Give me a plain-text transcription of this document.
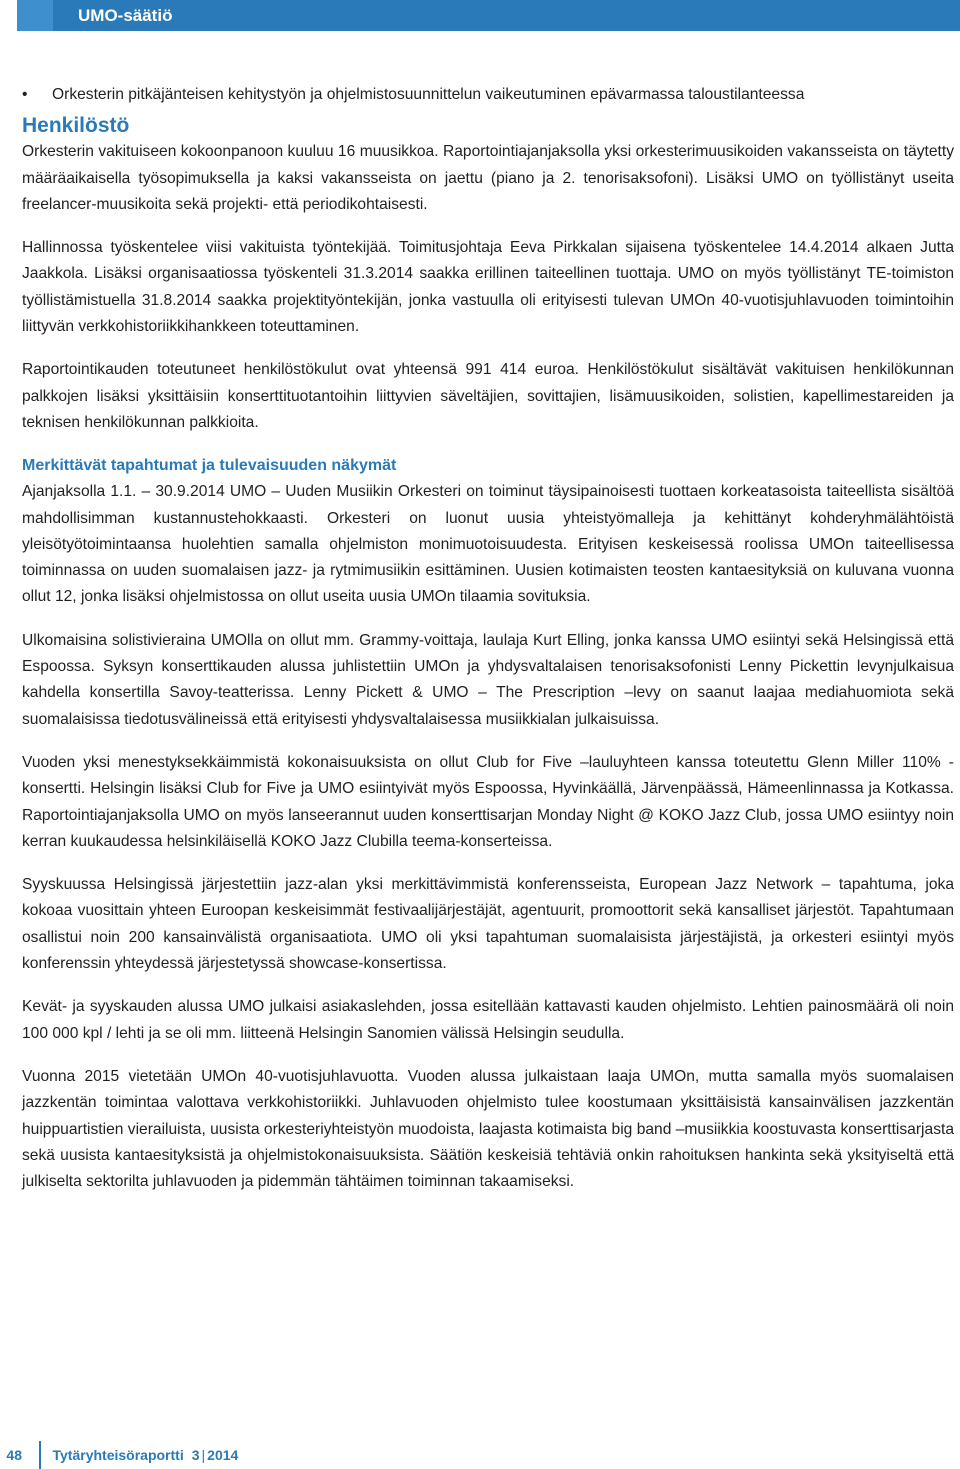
UMO-säätiö
• Orkesterin pitkäjänteisen kehitystyön ja ohjelmistosuunnittelun vaikeutuminen epävarmassa taloustilanteessa
Henkilöstö

Orkesterin vakituiseen kokoonpanoon kuuluu 16 muusikkoa. Raportointiajanjaksolla yksi orkesterimuusikoiden vakansseista on täytetty määräaikaisella työsopimuksella ja kaksi vakansseista on jaettu (piano ja 2. tenorisaksofoni). Lisäksi UMO on työllistänyt useita freelancer-muusikoita sekä projekti- että periodikohtaisesti.

Hallinnossa työskentelee viisi vakituista työntekijää. Toimitusjohtaja Eeva Pirkkalan sijaisena työskentelee 14.4.2014 alkaen Jutta Jaakkola. Lisäksi organisaatiossa työskenteli 31.3.2014 saakka erillinen taiteellinen tuottaja. UMO on myös työllistänyt TE-toimiston työllistämistuella 31.8.2014 saakka projektityöntekijän, jonka vastuulla oli erityisesti tulevan UMOn 40-vuotisjuhlavuoden toimintoihin liittyvän verkkohistoriikkihankkeen toteuttaminen.

Raportointikauden toteutuneet henkilöstökulut ovat yhteensä 991 414 euroa. Henkilöstökulut sisältävät vakituisen henkilökunnan palkkojen lisäksi yksittäisiin konserttituotantoihin liittyvien säveltäjien, sovittajien, lisämuusikoiden, solistien, kapellimestareiden ja teknisen henkilökunnan palkkioita.

Merkittävät tapahtumat ja tulevaisuuden näkymät

Ajanjaksolla 1.1. – 30.9.2014 UMO – Uuden Musiikin Orkesteri on toiminut täysipainoisesti tuottaen korkeatasoista taiteellista sisältöä mahdollisimman kustannustehokkaasti. Orkesteri on luonut uusia yhteistyömalleja ja kehittänyt kohderyhmälähtöistä yleisötyötoimintaansa huolehtien samalla ohjelmiston monimuotoisuudesta. Erityisen keskeisessä roolissa UMOn taiteellisessa toiminnassa on uuden suomalaisen jazz- ja rytmimusiikin esittäminen. Uusien kotimaisten teosten kantaesityksiä on kuluvana vuonna ollut 12, jonka lisäksi ohjelmistossa on ollut useita uusia UMOn tilaamia sovituksia.

Ulkomaisina solistivieraina UMOlla on ollut mm. Grammy-voittaja, laulaja Kurt Elling, jonka kanssa UMO esiintyi sekä Helsingissä että Espoossa. Syksyn konserttikauden alussa juhlistettiin UMOn ja yhdysvaltalaisen tenorisaksofonisti Lenny Pickettin levynjulkaisua kahdella konsertilla Savoy-teatterissa. Lenny Pickett & UMO – The Prescription –levy on saanut laajaa mediahuomiota sekä suomalaisissa tiedotusvälineissä että erityisesti yhdysvaltalaisessa musiikkialan julkaisuissa.

Vuoden yksi menestyksekkäimmistä kokonaisuuksista on ollut Club for Five –lauluyhteen kanssa toteutettu Glenn Miller 110% -konsertti. Helsingin lisäksi Club for Five ja UMO esiintyivät myös Espoossa, Hyvinkäällä, Järvenpäässä, Hämeenlinnassa ja Kotkassa. Raportointiajanjaksolla UMO on myös lanseerannut uuden konserttisarjan Monday Night @ KOKO Jazz Club, jossa UMO esiintyy noin kerran kuukaudessa helsinkiläisellä KOKO Jazz Clubilla teema-konserteissa.

Syyskuussa Helsingissä järjestettiin jazz-alan yksi merkittävimmistä konferensseista, European Jazz Network – tapahtuma, joka kokoaa vuosittain yhteen Euroopan keskeisimmät festivaalijärjestäjät, agentuurit, promoottorit sekä kansalliset järjestöt. Tapahtumaan osallistui noin 200 kansainvälistä organisaatiota. UMO oli yksi tapahtuman suomalaisista järjestäjistä, ja orkesteri esiintyi myös konferenssin yhteydessä järjestetyssä showcase-konsertissa.

Kevät- ja syyskauden alussa UMO julkaisi asiakaslehden, jossa esitellään kattavasti kauden ohjelmisto. Lehtien painosmäärä oli noin 100 000 kpl / lehti ja se oli mm. liitteenä Helsingin Sanomien välissä Helsingin seudulla.

Vuonna 2015 vietetään UMOn 40-vuotisjuhlavuotta. Vuoden alussa julkaistaan laaja UMOn, mutta samalla myös suomalaisen jazzkentän toimintaa valottava verkkohistoriikki. Juhlavuoden ohjelmisto tulee koostumaan yksittäisistä kansainvälisen jazzkentän huippuartistien vierailuista, uusista orkesteriyhteistyön muodoista, laajasta kotimaista big band –musiikkia koostuvasta konserttisarjasta sekä uusista kantaesityksistä ja ohjelmistokonaisuuksista. Säätiön keskeisiä tehtäviä onkin rahoituksen hankinta sekä yksityiseltä että julkiselta sektorilta juhlavuoden ja pidemmän tähtäimen toiminnan takaamiseksi.

48 Tytäryhteisöraportti 3 | 2014
